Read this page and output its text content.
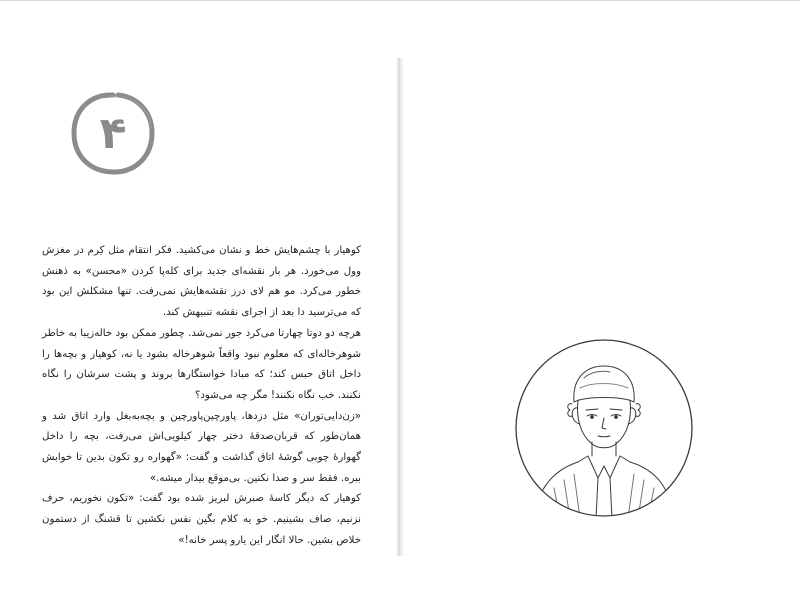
۴

کوهیار با چشم‌هایش خط و نشان می‌کشید. فکر انتقام مثل کِرم در مغزش وول می‌خورد. هر بار نقشه‌ای جدید برای کله‌پا کردن «محسن» به ذهنش خطور می‌کرد. مو هم لای درز نقشه‌هایش نمی‌رفت. تنها مشکلش این بود که می‌ترسید دا بعد از اجرای نقشه تنبیهش کند.

هرچه دو دوتا چهارتا می‌کرد جور نمی‌شد. چطور ممکن بود خاله‌زیبا به خاطر شوهرخاله‌ای که معلوم نبود واقعاً شوهرخاله بشود یا نه، کوهیار و بچه‌ها را داخل اتاق حبس کند؛ که مبادا خواستگارها بروند و پشت سرشان را نگاه نکنند. خب نگاه نکنند! مگر چه می‌شود؟

«زن‌دایی‌توران» مثل دزدها، پاورچین‌پاورچین و بچه‌به‌بغل وارد اتاق شد و همان‌طور که قربان‌صدقهٔ دختر چهار کیلویی‌اش می‌رفت، بچه را داخل گهوارهٔ چوبی گوشهٔ اتاق گذاشت و گفت: «گهواره رو تکون بدین تا خوابش ببره. فقط سر و صدا نکنین. بی‌موقع بیدار میشه.»

کوهیار که دیگر کاسهٔ صبرش لبریز شده بود گفت: «تکون نخوریم، حرف نزنیم، صاف بشینیم. خو یه کلام بگین نفس نکشین تا قشنگ از دستمون خلاص بشین. حالا انگار این یارو پسر خانه!»
